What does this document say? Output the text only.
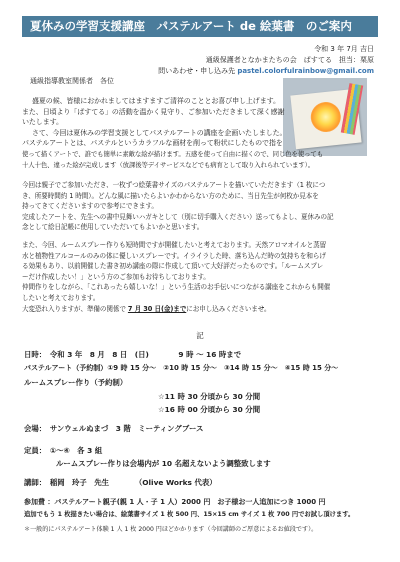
夏休みの学習支援講座　パステルアート de 絵葉書　のご案内
令和 3 年 7月 吉日
通級保護者となかまたちの会　ぱすてる　担当：栗原
問いあわせ・申し込み先 pastel.colorfulrainbow@gmail.com
通級指導教室関係者　各位

盛夏の候、皆様におかれましてはますますご清祥のこととお喜び申し上げます。

また、日頃より「ぱすてる」の活動を温かく見守り、ご参加いただきまして深く感謝

いたします。

さて、今回は夏休みの学習支援としてパステルアートの講座を企画いたしました。

パステルアートとは、パステルというカラフルな画材を削って粉状にしたもので指を

使って描くアートで、誰でも簡単に素敵な絵が描けます。五感を使って自由に描くので、同じ色を使っても

十人十色、違った絵が完成します（放課後等デイサービスなどでも病育として取り入れられています）。

今回は親子でご参加いただき、一枚ずつ絵葉書サイズのパステルアートを描いていただきます（1 枚につ

き、所要時間約 1 時間）。どんな風に描いたらよいかわからない方のために、当日先生が何枚か見本を

持ってきてくださいますので参考にできます。

完成したアートを、先生への書中見舞いハガキとして（別に切手購入ください）送ってもよし、夏休みの記

念として絵日記帳に使用していただいてもよいかと思います。

また、今回、ルームスプレー作りも短時間ですが開催したいと考えております。天然アロマオイルと蒸留

水と植物性アルコールのみの体に優しいスプレーです。イライラした時、落ち込んだ時の気持ちを和らげ

る効果もあり、以前開催した書き初め講座の際に作成して頂いて大好評だったものです。「ルームスプレ

ーだけ作成したい！」という方のご参加もお待ちしております。

仲間作りをしながら、「これあったら嬉しいな！」という生活のお手伝いにつながる講座をこれからも開催

したいと考えております。

大変恐れ入りますが、準備の関係で 7 月 30 日(金)までにお申し込みくださいませ。

記
日時：　令和 3 年　8 月　8 日　(日)　　　　9 時 ～ 16 時まで
パステルアート（予約制）①9 時 15 分～　②10 時 15 分～　③14 時 15 分～　④15 時 15 分～
ルームスプレー作り（予約制）
☆11 時 30 分頃から 30 分間
☆16 時 00 分頃から 30 分間
会場：　サンウェルぬまづ　3 階　ミーティングブース
定員：　①～④　各 3 組
ルームスプレー作りは会場内が 10 名超えないよう調整致します
講師：　稲岡　玲子　先生　　　　（Olive Works 代表）
参加費 ：パステルアート親子(親 1 人・子 1 人）2000 円　お子様お一人追加につき 1000 円
追加でもう 1 枚描きたい場合は、絵葉書サイズ 1 枚 500 円、15×15 cm サイズ 1 枚 700 円でお試し頂けます。
＊一般的にパステルアート体験 1 人 1 枚 2000 円ほどかかります（今回講師のご厚意によるお値段です）。
